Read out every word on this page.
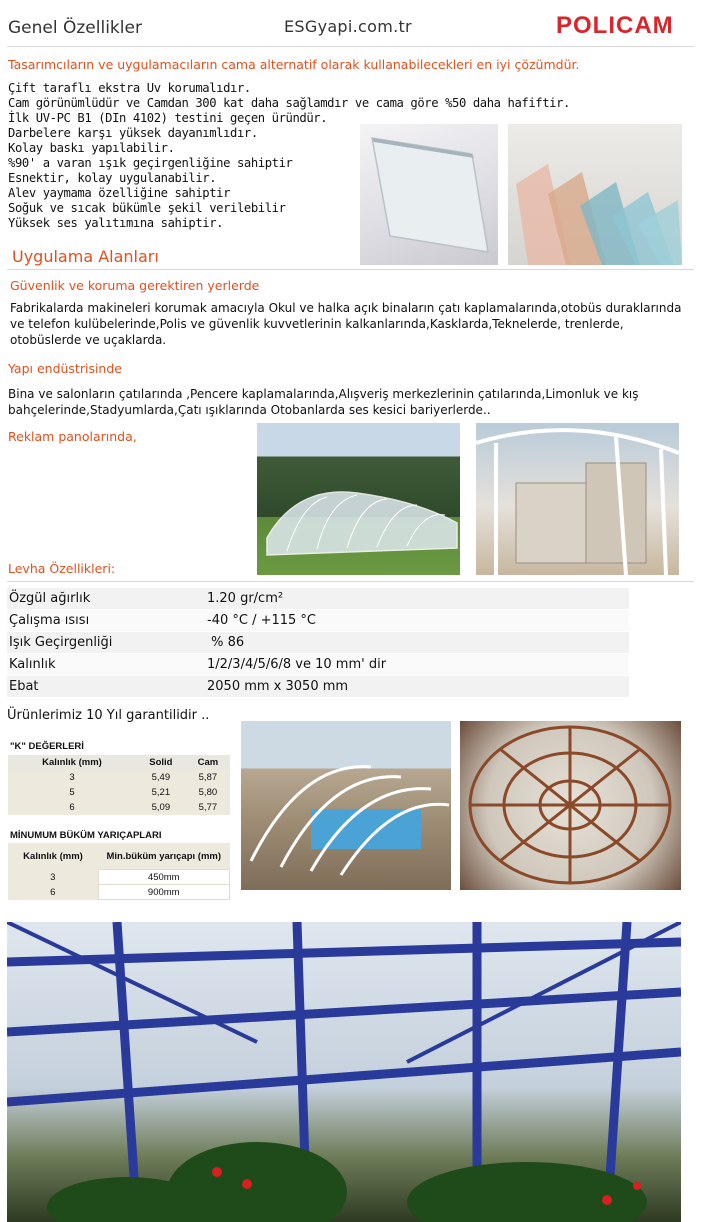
Genel Özellikler	ESGyapi.com.tr	POLICAM
Tasarımcıların ve uygulamacıların cama alternatif olarak kullanabilecekleri en iyi çözümdür.
Çift taraflı ekstra Uv korumalıdır.
Cam görünümlüdür ve Camdan 300 kat daha sağlamdır ve cama göre %50 daha hafiftir.
İlk UV-PC B1 (DIn 4102) testini geçen üründür.
Darbelere karşı yüksek dayanımlıdır.
Kolay baskı yapılabilir.
%90' a varan ışık geçirgenliğine sahiptir
Esnektir, kolay uygulanabilir.
Alev yaymama özelliğine sahiptir
Soğuk ve sıcak bükümle şekil verilebilir
Yüksek ses yalıtımına sahiptir.
Uygulama Alanları
Güvenlik ve koruma gerektiren yerlerde
Fabrikalarda makineleri korumak amacıyla Okul ve halka açık binaların çatı kaplamalarında,otobüs duraklarında ve telefon kulübelerinde,Polis ve güvenlik kuvvetlerinin kalkanlarında,Kasklarda,Teknelerde, trenlerde, otobüslerde ve uçaklarda.
Yapı endüstrisinde
Bina ve salonların çatılarında ,Pencere kaplamalarında,Alışveriş merkezlerinin çatılarında,Limonluk ve kış bahçelerinde,Stadyumlarda,Çatı ışıklarında Otobanlarda ses kesici bariyerlerde..
Reklam panolarında,
Levha Özellikleri:
Özgül ağırlık	1.20 gr/cm²
Çalışma ısısı	-40 °C / +115 °C
Işık Geçirgenliği	% 86
Kalınlık	1/2/3/4/5/6/8 ve 10 mm' dir
Ebat	2050 mm x 3050 mm
Ürünlerimiz 10 Yıl garantilidir ..
"K" DEĞERLERİ
Kalınlık (mm)	Solid	Cam
3	5,49	5,87
5	5,21	5,80
6	5,09	5,77
MİNUMUM BÜKÜM YARIÇAPLARI
Kalınlık (mm)	Min.büküm yarıçapı (mm)

3	450mm
6	900mm
